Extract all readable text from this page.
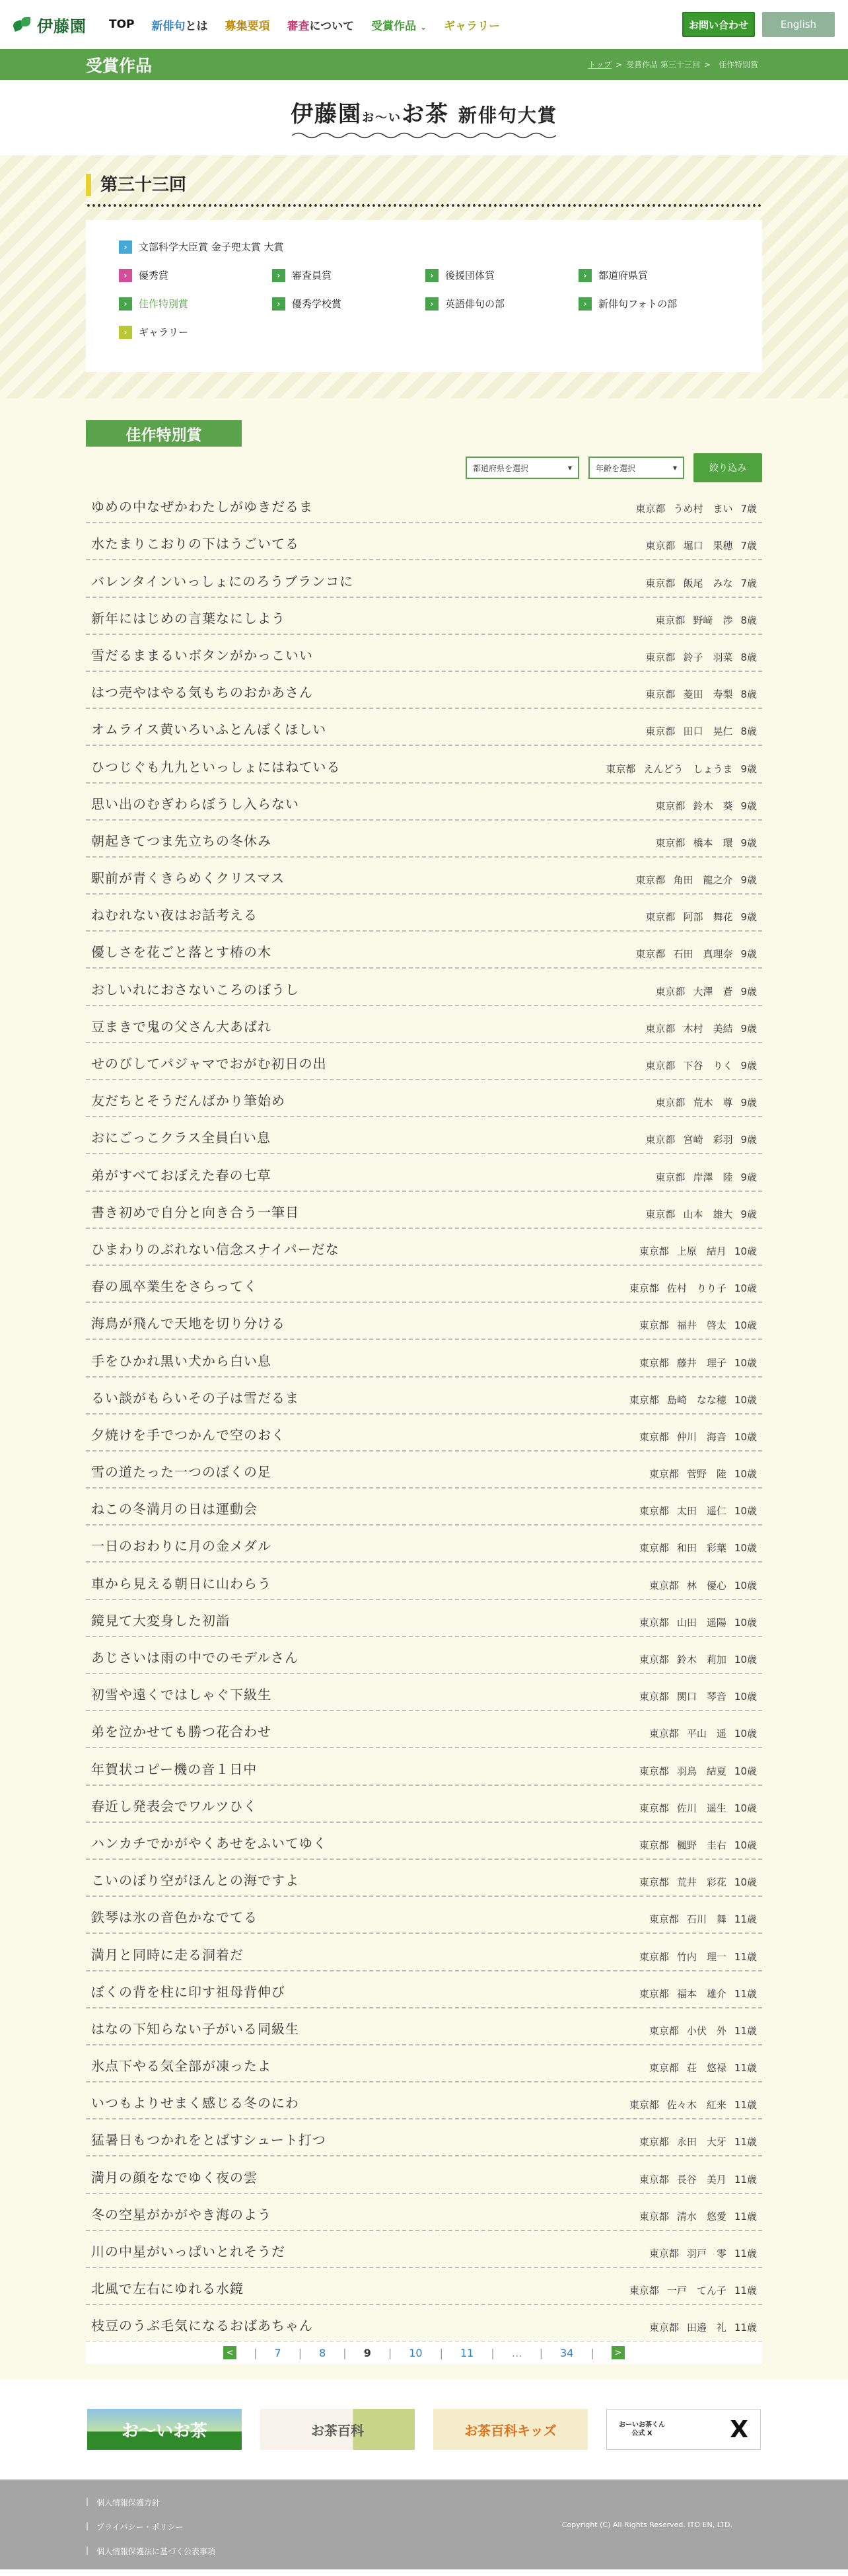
伊藤園 TOP 新俳句とは 募集要項 審査について 受賞作品 ⌄ ギャラリー	お問い合わせ	English
受賞作品	トップ > 受賞作品 第三十三回 > 佳作特別賞
伊藤園お〜いお茶 新俳句大賞
第三十三回
›	文部科学大臣賞 金子兜太賞 大賞
›	優秀賞	›	審査員賞	›	後援団体賞	›	都道府県賞
›	佳作特別賞	›	優秀学校賞	›	英語俳句の部	›	新俳句フォトの部
›	ギャラリー
佳作特別賞
都道府県を選択	▾	年齢を選択	▾	絞り込み
ゆめの中なぜかわたしがゆきだるま	東京都 うめ村　まい 7歳
水たまりこおりの下はうごいてる	東京都 堀口　果穂 7歳
バレンタインいっしょにのろうブランコに	東京都 飯尾　みな 7歳
新年にはじめの言葉なにしよう	東京都 野﨑　渉 8歳
雪だるままるいボタンがかっこいい	東京都 鈴子　羽菜 8歳
はつ売やはやる気もちのおかあさん	東京都 菱田　寿梨 8歳
オムライス黄いろいふとんぼくほしい	東京都 田口　晃仁 8歳
ひつじぐも九九といっしょにはねている	東京都 えんどう　しょうま 9歳
思い出のむぎわらぼうし入らない	東京都 鈴木　葵 9歳
朝起きてつま先立ちの冬休み	東京都 橋本　環 9歳
駅前が青くきらめくクリスマス	東京都 角田　龍之介 9歳
ねむれない夜はお話考える	東京都 阿部　舞花 9歳
優しさを花ごと落とす椿の木	東京都 石田　真理奈 9歳
おしいれにおさないころのぼうし	東京都 大澤　蒼 9歳
豆まきで鬼の父さん大あばれ	東京都 木村　美結 9歳
せのびしてパジャマでおがむ初日の出	東京都 下谷　りく 9歳
友だちとそうだんばかり筆始め	東京都 荒木　尊 9歳
おにごっこクラス全員白い息	東京都 宮崎　彩羽 9歳
弟がすべておぼえた春の七草	東京都 岸澤　陸 9歳
書き初めで自分と向き合う一筆目	東京都 山本　雄大 9歳
ひまわりのぶれない信念スナイパーだな	東京都 上原　結月 10歳
春の風卒業生をさらってく	東京都 佐村　りり子 10歳
海鳥が飛んで天地を切り分ける	東京都 福井　啓太 10歳
手をひかれ黒い犬から白い息	東京都 藤井　理子 10歳
るい談がもらいその子は雪だるま	東京都 島崎　なな穂 10歳
夕焼けを手でつかんで空のおく	東京都 仲川　海音 10歳
雪の道たった一つのぼくの足	東京都 菅野　陸 10歳
ねこの冬満月の日は運動会	東京都 太田　遥仁 10歳
一日のおわりに月の金メダル	東京都 和田　彩葉 10歳
車から見える朝日に山わらう	東京都 林　優心 10歳
鏡見て大変身した初詣	東京都 山田　遥陽 10歳
あじさいは雨の中でのモデルさん	東京都 鈴木　莉加 10歳
初雪や遠くではしゃぐ下級生	東京都 関口　琴音 10歳
弟を泣かせても勝つ花合わせ	東京都 平山　遥 10歳
年賀状コピー機の音１日中	東京都 羽鳥　結夏 10歳
春近し発表会でワルツひく	東京都 佐川　遥生 10歳
ハンカチでかがやくあせをふいてゆく	東京都 楓野　圭右 10歳
こいのぼり空がほんとの海ですよ	東京都 荒井　彩花 10歳
鉄琴は氷の音色かなでてる	東京都 石川　舞 11歳
満月と同時に走る洞着だ	東京都 竹内　理一 11歳
ぼくの背を柱に印す祖母背伸び	東京都 福本　雄介 11歳
はなの下知らない子がいる同級生	東京都 小伏　外 11歳
氷点下やる気全部が凍ったよ	東京都 荘　悠禄 11歳
いつもよりせまく感じる冬のにわ	東京都 佐々木　紅来 11歳
猛暑日もつかれをとばすシュート打つ	東京都 永田　大牙 11歳
満月の顔をなでゆく夜の雲	東京都 長谷　美月 11歳
冬の空星がかがやき海のよう	東京都 清水　悠愛 11歳
川の中星がいっぱいとれそうだ	東京都 羽戸　零 11歳
北風で左右にゆれる水鏡	東京都 一戸　てん子 11歳
枝豆のうぶ毛気になるおばあちゃん	東京都 田邉　礼 11歳
< | 7 | 8 | 9 | 10 | 11 | … | 34 |	>
お〜いお茶	お茶百科	お茶百科キッズ	おーいお茶くん
公式 X	X
| 個人情報保護方針
| プライバシー・ポリシー
| 個人情報保護法に基づく公表事項
Copyright (C) All Rights Reserved. ITO EN, LTD.
